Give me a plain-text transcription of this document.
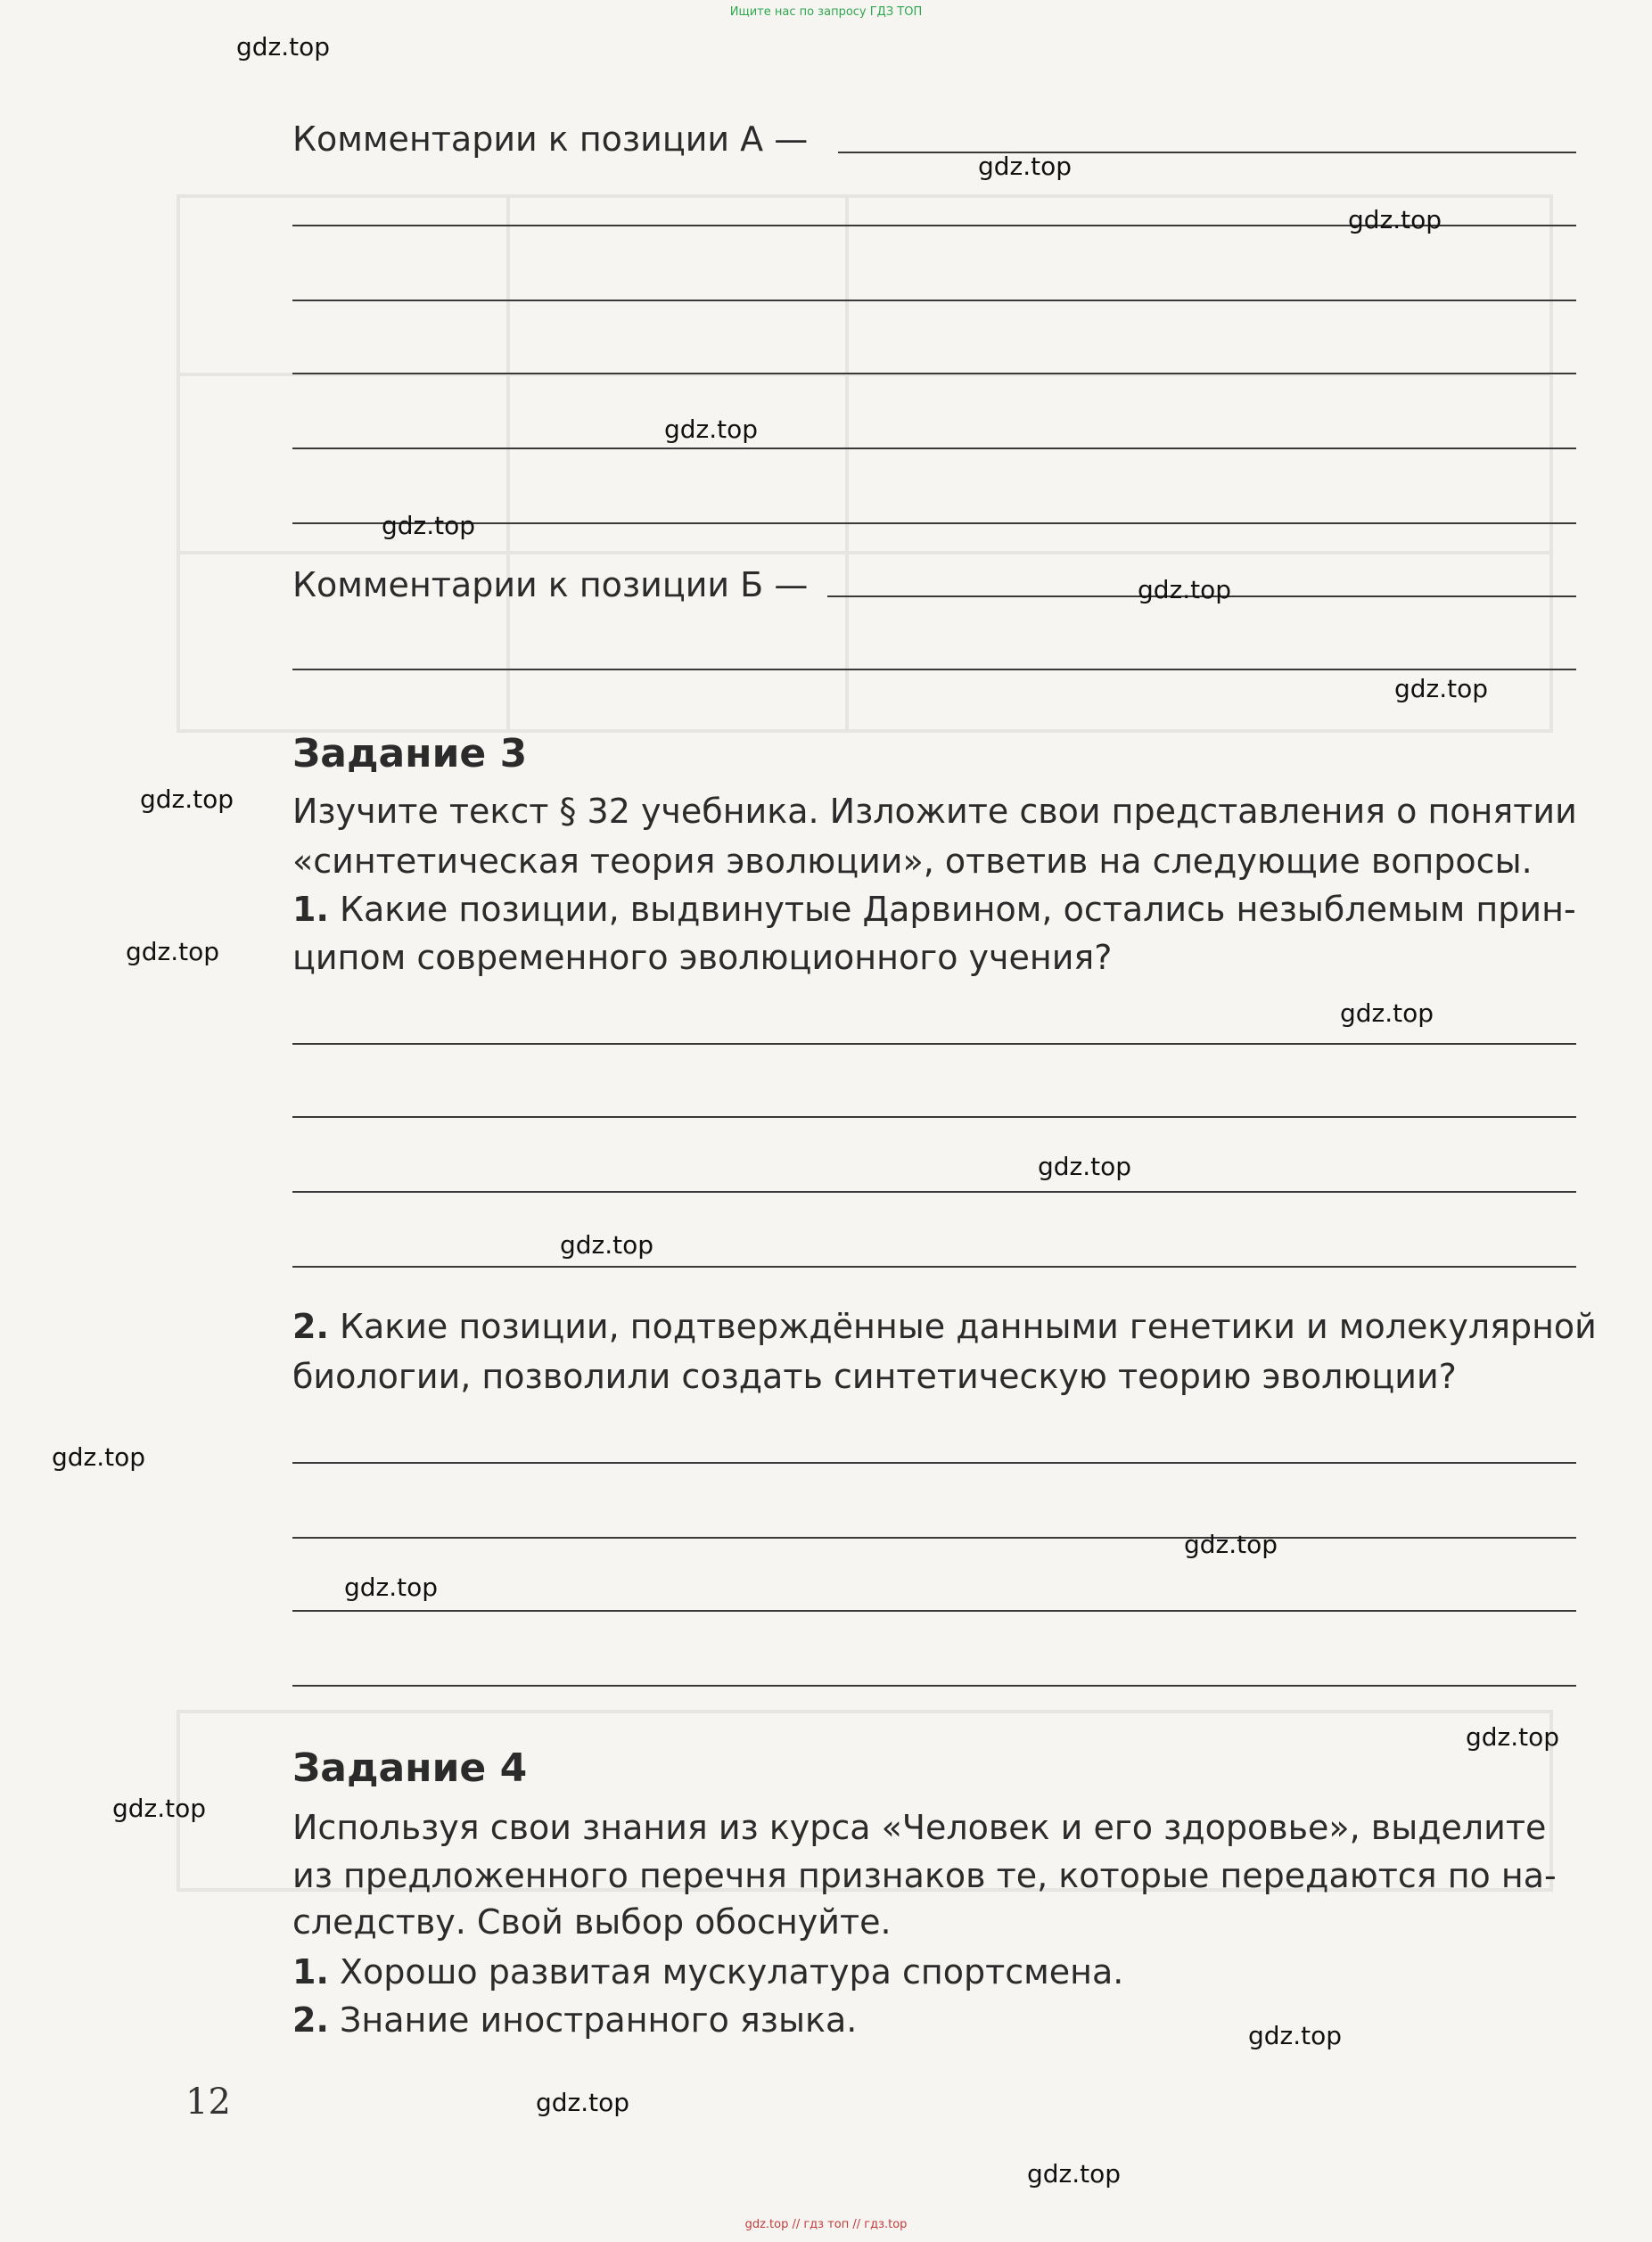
Ищите нас по запросу ГДЗ ТОП
Комментарии к позиции А —
Комментарии к позиции Б —
Задание 3
Изучите текст § 32 учебника. Изложите свои представления о понятии
«синтетическая теория эволюции», ответив на следующие вопросы.
1. Какие позиции, выдвинутые Дарвином, остались незыблемым прин-
ципом современного эволюционного учения?
2. Какие позиции, подтверждённые данными генетики и молекулярной
биологии, позволили создать синтетическую теорию эволюции?
Задание 4
Используя свои знания из курса «Человек и его здоровье», выделите
из предложенного перечня признаков те, которые передаются по на-
следству. Свой выбор обоснуйте.
1. Хорошо развитая мускулатура спортсмена.
2. Знание иностранного языка.
12
gdz.top
gdz.top
gdz.top
gdz.top
gdz.top
gdz.top
gdz.top
gdz.top
gdz.top
gdz.top
gdz.top
gdz.top
gdz.top
gdz.top
gdz.top
gdz.top
gdz.top
gdz.top
gdz.top
gdz.top
gdz.top // гдз топ // гдз.top
